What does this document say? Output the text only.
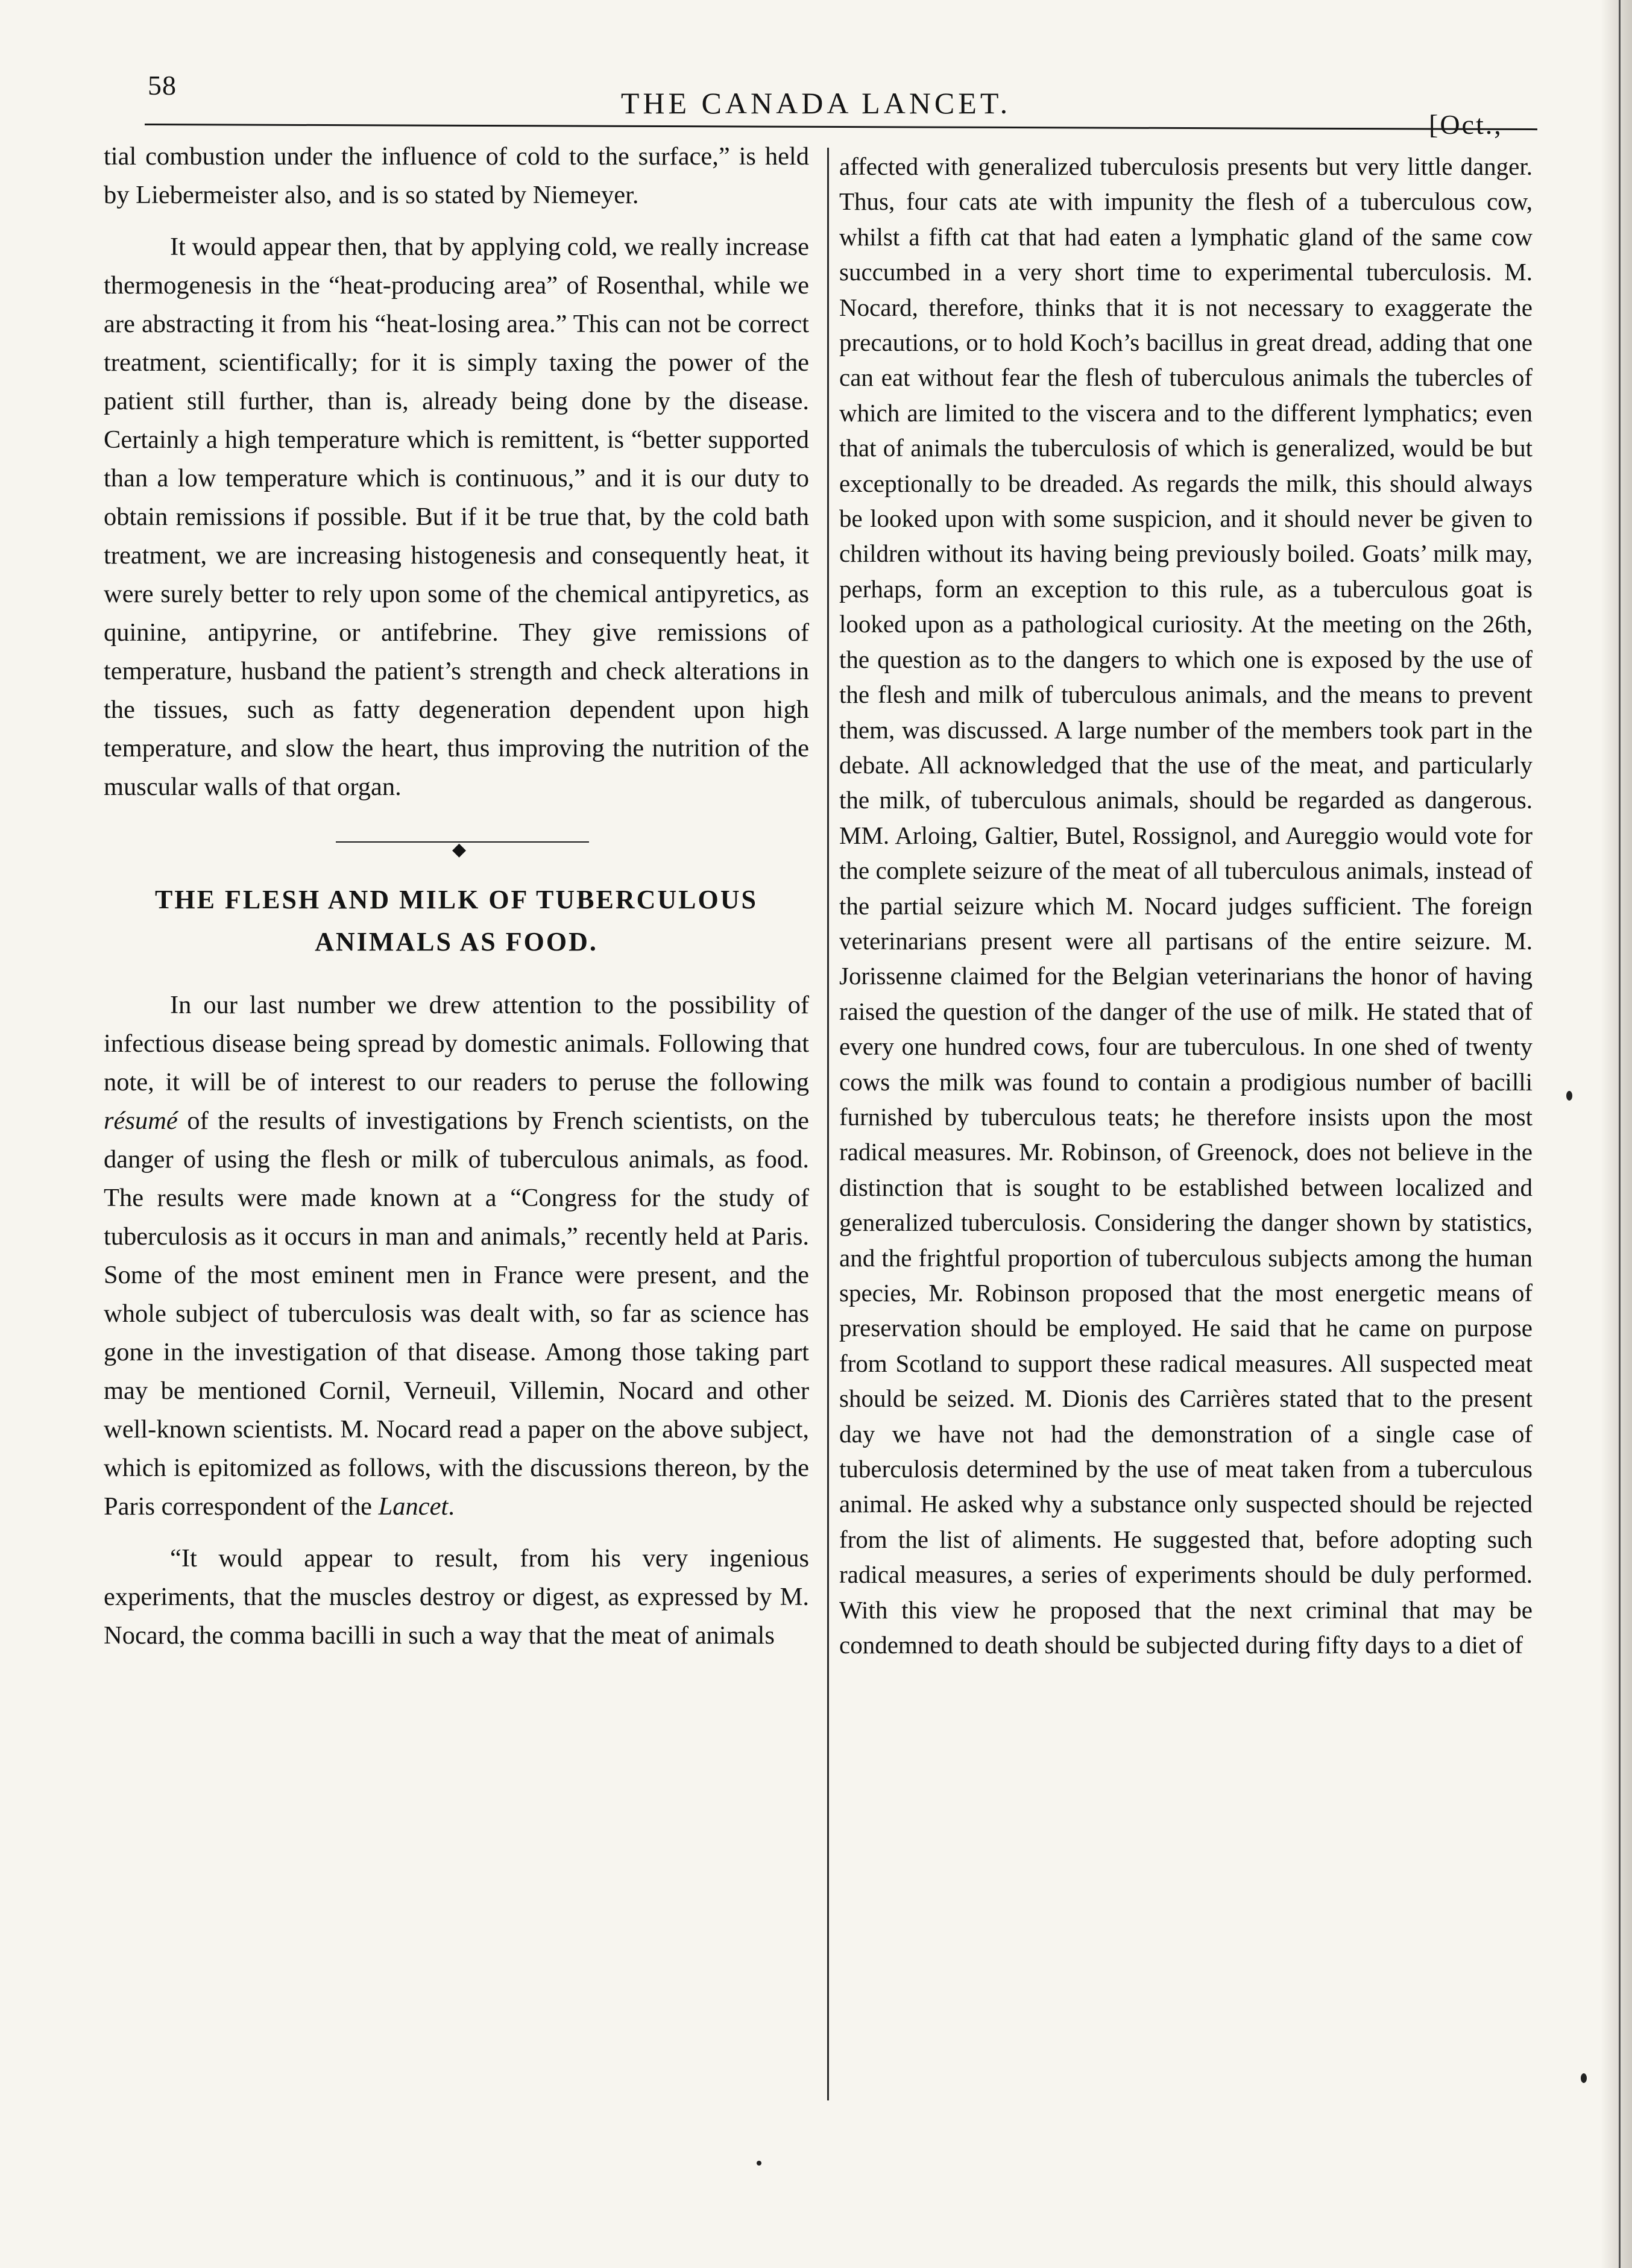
58
THE CANADA LANCET.
[Oct.,

tial combustion under the influence of cold to the surface,” is held by Liebermeister also, and is so stated by Niemeyer.

It would appear then, that by applying cold, we really increase thermogenesis in the “heat-producing area” of Rosenthal, while we are abstracting it from his “heat-losing area.” This can not be correct treatment, scientifically; for it is simply taxing the power of the patient still further, than is, already being done by the disease. Certainly a high temperature which is remittent, is “better supported than a low temperature which is continuous,” and it is our duty to obtain remissions if possible. But if it be true that, by the cold bath treatment, we are increasing histogenesis and consequently heat, it were surely better to rely upon some of the chemical antipyretics, as quinine, antipyrine, or antifebrine. They give remissions of temperature, husband the patient’s strength and check alterations in the tissues, such as fatty degeneration dependent upon high temperature, and slow the heart, thus improving the nutrition of the muscular walls of that organ.

◆
THE FLESH AND MILK OF TUBERCULOUS ANIMALS AS FOOD.

In our last number we drew attention to the possibility of infectious disease being spread by domestic animals. Following that note, it will be of interest to our readers to peruse the following résumé of the results of investigations by French scientists, on the danger of using the flesh or milk of tuberculous animals, as food. The results were made known at a “Congress for the study of tuberculosis as it occurs in man and animals,” recently held at Paris. Some of the most eminent men in France were present, and the whole subject of tuberculosis was dealt with, so far as science has gone in the investigation of that disease. Among those taking part may be mentioned Cornil, Verneuil, Villemin, Nocard and other well-known scientists. M. Nocard read a paper on the above subject, which is epitomized as follows, with the discussions thereon, by the Paris correspondent of the Lancet.

“It would appear to result, from his very ingenious experiments, that the muscles destroy or digest, as expressed by M. Nocard, the comma bacilli in such a way that the meat of animals

affected with generalized tuberculosis presents but very little danger. Thus, four cats ate with impunity the flesh of a tuberculous cow, whilst a fifth cat that had eaten a lymphatic gland of the same cow succumbed in a very short time to experimental tuberculosis. M. Nocard, therefore, thinks that it is not necessary to exaggerate the precautions, or to hold Koch’s bacillus in great dread, adding that one can eat without fear the flesh of tuberculous animals the tubercles of which are limited to the viscera and to the different lymphatics; even that of animals the tuberculosis of which is generalized, would be but exceptionally to be dreaded. As regards the milk, this should always be looked upon with some suspicion, and it should never be given to children without its having being previously boiled. Goats’ milk may, perhaps, form an exception to this rule, as a tuberculous goat is looked upon as a pathological curiosity. At the meeting on the 26th, the question as to the dangers to which one is exposed by the use of the flesh and milk of tuberculous animals, and the means to prevent them, was discussed. A large number of the members took part in the debate. All acknowledged that the use of the meat, and particularly the milk, of tuberculous animals, should be regarded as dangerous. MM. Arloing, Galtier, Butel, Rossignol, and Aureggio would vote for the complete seizure of the meat of all tuberculous animals, instead of the partial seizure which M. Nocard judges sufficient. The foreign veterinarians present were all partisans of the entire seizure. M. Jorissenne claimed for the Belgian veterinarians the honor of having raised the question of the danger of the use of milk. He stated that of every one hundred cows, four are tuberculous. In one shed of twenty cows the milk was found to contain a prodigious number of bacilli furnished by tuberculous teats; he therefore insists upon the most radical measures. Mr. Robinson, of Greenock, does not believe in the distinction that is sought to be established between localized and generalized tuberculosis. Considering the danger shown by statistics, and the frightful proportion of tuberculous subjects among the human species, Mr. Robinson proposed that the most energetic means of preservation should be employed. He said that he came on purpose from Scotland to support these radical measures. All suspected meat should be seized. M. Dionis des Carrières stated that to the present day we have not had the demonstration of a single case of tuberculosis determined by the use of meat taken from a tuberculous animal. He asked why a substance only suspected should be rejected from the list of aliments. He suggested that, before adopting such radical measures, a series of experiments should be duly performed. With this view he proposed that the next criminal that may be condemned to death should be subjected during fifty days to a diet of
